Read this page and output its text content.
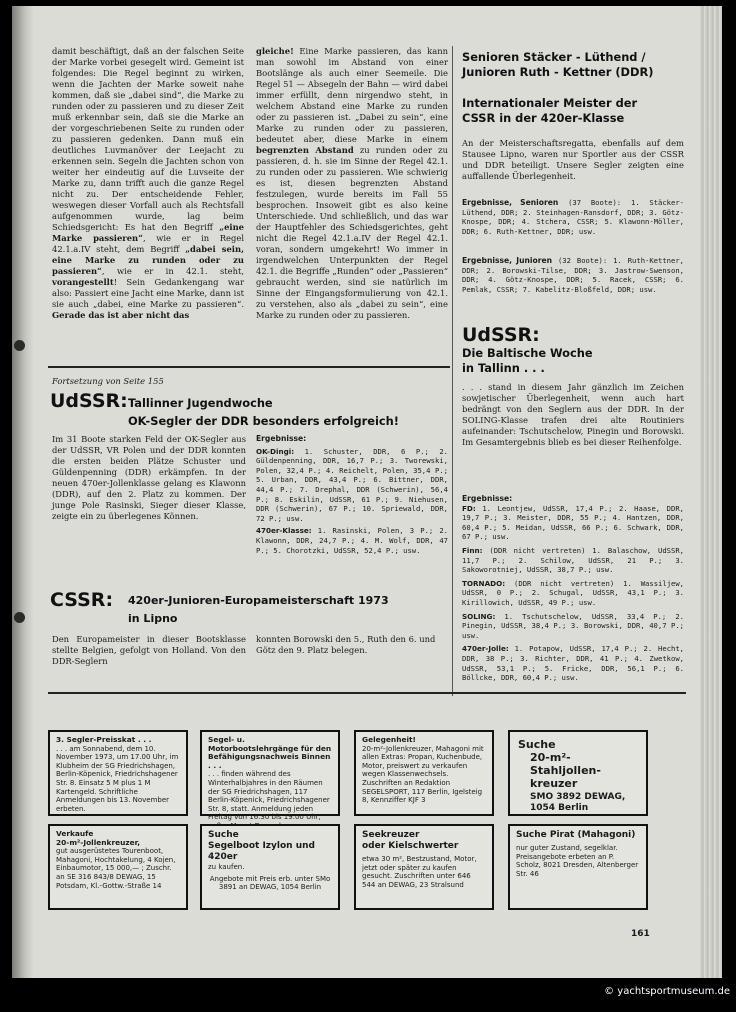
damit beschäftigt, daß an der falschen Seite der Marke vorbei gesegelt wird. Gemeint ist folgendes: Die Regel beginnt zu wirken, wenn die Jachten der Marke soweit nahe kommen, daß sie „dabei sind“, die Marke zu runden oder zu passieren und zu dieser Zeit muß erkennbar sein, daß sie die Marke an der vorgeschriebenen Seite zu runden oder zu passieren gedenken. Dann muß ein deutliches Luvmanöver der Leejacht zu erkennen sein. Segeln die Jachten schon von weiter her eindeutig auf die Luvseite der Marke zu, dann trifft auch die ganze Regel nicht zu. Der entscheidende Fehler, weswegen dieser Vorfall auch als Rechtsfall aufgenommen wurde, lag beim Schiedsgericht: Es hat den Begriff „eine Marke passieren“, wie er in Regel 42.1.a.IV steht, dem Begriff „dabei sein, eine Marke zu runden oder zu passieren“, wie er in 42.1. steht, vorangestellt! Sein Gedankengang war also: Passiert eine Jacht eine Marke, dann ist sie auch „dabei, eine Marke zu passieren“. Gerade das ist aber nicht das

gleiche! Eine Marke passieren, das kann man sowohl im Abstand von einer Bootslänge als auch einer Seemeile. Die Regel 51 — Absegeln der Bahn — wird dabei immer erfüllt, denn nirgendwo steht, in welchem Abstand eine Marke zu runden oder zu passieren ist. „Dabei zu sein“, eine Marke zu runden oder zu passieren, bedeutet aber, diese Marke in einem begrenzten Abstand zu runden oder zu passieren, d. h. sie im Sinne der Regel 42.1. zu runden oder zu passieren. Wie schwierig es ist, diesen begrenzten Abstand festzulegen, wurde bereits im Fall 55 besprochen. Insoweit gibt es also keine Unterschiede. Und schließlich, und das war der Hauptfehler des Schiedsgerichtes, geht nicht die Regel 42.1.a.IV der Regel 42.1. voran, sondern umgekehrt! Wo immer in irgendwelchen Unterpunkten der Regel 42.1. die Begriffe „Runden“ oder „Passieren“ gebraucht werden, sind sie natürlich im Sinne der Eingangsformulierung von 42.1. zu verstehen, also als „dabei zu sein“, eine Marke zu runden oder zu passieren.

Senioren Stäcker - Lüthend /
Junioren Ruth - Kettner (DDR)
Internationaler Meister der
CSSR in der 420er-Klasse

An der Meisterschaftsregatta, ebenfalls auf dem Stausee Lipno, waren nur Sportler aus der CSSR und DDR beteiligt. Unsere Segler zeigten eine auffallende Überlegenheit.

Ergebnisse, Senioren (37 Boote): 1. Stäcker-Lüthend, DDR; 2. Steinhagen-Ransdorf, DDR; 3. Götz-Knospe, DDR; 4. Stchera, CSSR; 5. Klawonn-Möller, DDR; 6. Ruth-Kettner, DDR; usw.

Ergebnisse, Junioren (32 Boote): 1. Ruth-Kettner, DDR; 2. Borowski-Tilse, DDR; 3. Jastrow-Swenson, DDR; 4. Götz-Knospe, DDR; 5. Racek, CSSR; 6. Pemlak, CSSR; 7. Kabelitz-Bloßfeld, DDR; usw.

UdSSR:
Die Baltische Woche
in Tallinn . . .

. . . stand in diesem Jahr gänzlich im Zeichen sowjetischer Überlegenheit, wenn auch hart bedrängt von den Seglern aus der DDR. In der SOLING-Klasse trafen drei alte Routiniers aufeinander: Tschutschelow, Pinegin und Borowski. Im Gesamtergebnis blieb es bei dieser Reihenfolge.

Ergebnisse:

FD: 1. Leontjew, UdSSR, 17,4 P.; 2. Haase, DDR, 19,7 P.; 3. Meister, DDR, 55 P.; 4. Hantzen, DDR, 60,4 P.; 5. Meidan, UdSSR, 66 P.; 6. Schwark, DDR, 67 P.; usw.

Finn: (DDR nicht vertreten) 1. Balaschow, UdSSR, 11,7 P.; 2. Schilow, UdSSR, 21 P.; 3. Sakoworotniej, UdSSR, 38,7 P.; usw.

TORNADO: (DDR nicht vertreten) 1. Wassiljew, UdSSR, 0 P.; 2. Schugal, UdSSR, 43,1 P.; 3. Kirillowich, UdSSR, 49 P.; usw.

SOLING: 1. Tschutschelow, UdSSR, 33,4 P.; 2. Pinegin, UdSSR, 38,4 P.; 3. Borowski, DDR, 40,7 P.; usw.

470er-Jolle: 1. Potapow, UdSSR, 17,4 P.; 2. Hecht, DDR, 38 P.; 3. Richter, DDR, 41 P.; 4. Zwetkow, UdSSR, 53,1 P.; 5. Fricke, DDR, 56,1 P.; 6. Böllcke, DDR, 60,4 P.; usw.

Fortsetzung von Seite 155
UdSSR: Tallinner Jugendwoche
OK-Segler der DDR besonders erfolgreich!

Im 31 Boote starken Feld der OK-Segler aus der UdSSR, VR Polen und der DDR konnten die ersten beiden Plätze Schuster und Güldenpenning (DDR) erkämpfen. In der neuen 470er-Jollenklasse gelang es Klawonn (DDR), auf den 2. Platz zu kommen. Der junge Pole Rasinski, Sieger dieser Klasse, zeigte ein zu überlegenes Können.

Ergebnisse:

OK-Dingi: 1. Schuster, DDR, 6 P.; 2. Güldenpenning, DDR, 16,7 P.; 3. Tworewski, Polen, 32,4 P.; 4. Reichelt, Polen, 35,4 P.; 5. Urban, DDR, 43,4 P.; 6. Bittner, DDR, 44,4 P.; 7. Drephal, DDR (Schwerin), 56,4 P.; 8. Eskilin, UdSSR, 61 P.; 9. Niehusen, DDR (Schwerin), 67 P.; 10. Spriewald, DDR, 72 P.; usw.

470er-Klasse: 1. Rasinski, Polen, 3 P.; 2. Klawonn, DDR, 24,7 P.; 4. M. Wolf, DDR, 47 P.; 5. Chorotzki, UdSSR, 52,4 P.; usw.

CSSR: 420er-Junioren-Europameisterschaft 1973
in Lipno

Den Europameister in dieser Bootsklasse stellte Belgien, gefolgt von Holland. Von den DDR-Seglern

konnten Borowski den 5., Ruth den 6. und Götz den 9. Platz belegen.

3. Segler-Preisskat . . .
. . . am Sonnabend, dem 10. November 1973, um 17.00 Uhr, im Klubheim der SG Friedrichshagen, Berlin-Köpenick, Friedrichshagener Str. 8. Einsatz 5 M plus 1 M Kartengeld. Schriftliche Anmeldungen bis 13. November erbeten.
Segel- u. Motorbootslehrgänge für den Befähigungsnachweis Binnen . . .
. . . finden während des Winterhalbjahres in den Räumen der SG Friedrichshagen, 117 Berlin-Köpenick, Friedrichshagener Str. 8, statt. Anmeldung jeden Freitag von 16.30 bis 19.00 Uhr,
Gelegenheit!
20-m²-Jollenkreuzer, Mahagoni mit allen Extras: Propan, Kuchenbude, Motor, preiswert zu verkaufen wegen Klassenwechsels. Zuschriften an Redaktion SEGELSPORT, 117 Berlin, Igelsteig 8, Kennziffer KJF 3
Suche
20-m²-Stahljollen-
kreuzer
SMO 3892 DEWAG,
1054 Berlin
Verkaufe
20-m²-Jollenkreuzer,
gut ausgerüstetes Tourenboot, Mahagoni, Hochtakelung, 4 Kojen, Einbaumotor, 15 000,— ; Zuschr. an SE 316 843/8 DEWAG, 15 Potsdam, Kl.-Gottw.-Straße 14
Suche
Segelboot Izylon und 420er
zu kaufen.
Angebote mit Preis erb. unter SMo 3891 an DEWAG, 1054 Berlin
Seekreuzer
oder Kielschwerter
etwa 30 m², Bestzustand, Motor, jetzt oder später zu kaufen gesucht. Zuschriften unter 646 544 an DEWAG, 23 Stralsund
Suche Pirat (Mahagoni)
nur guter Zustand, segelklar. Preisangebote erbeten an P. Scholz, 8021 Dresden, Altenberger Str. 46
161
© yachtsportmuseum.de
